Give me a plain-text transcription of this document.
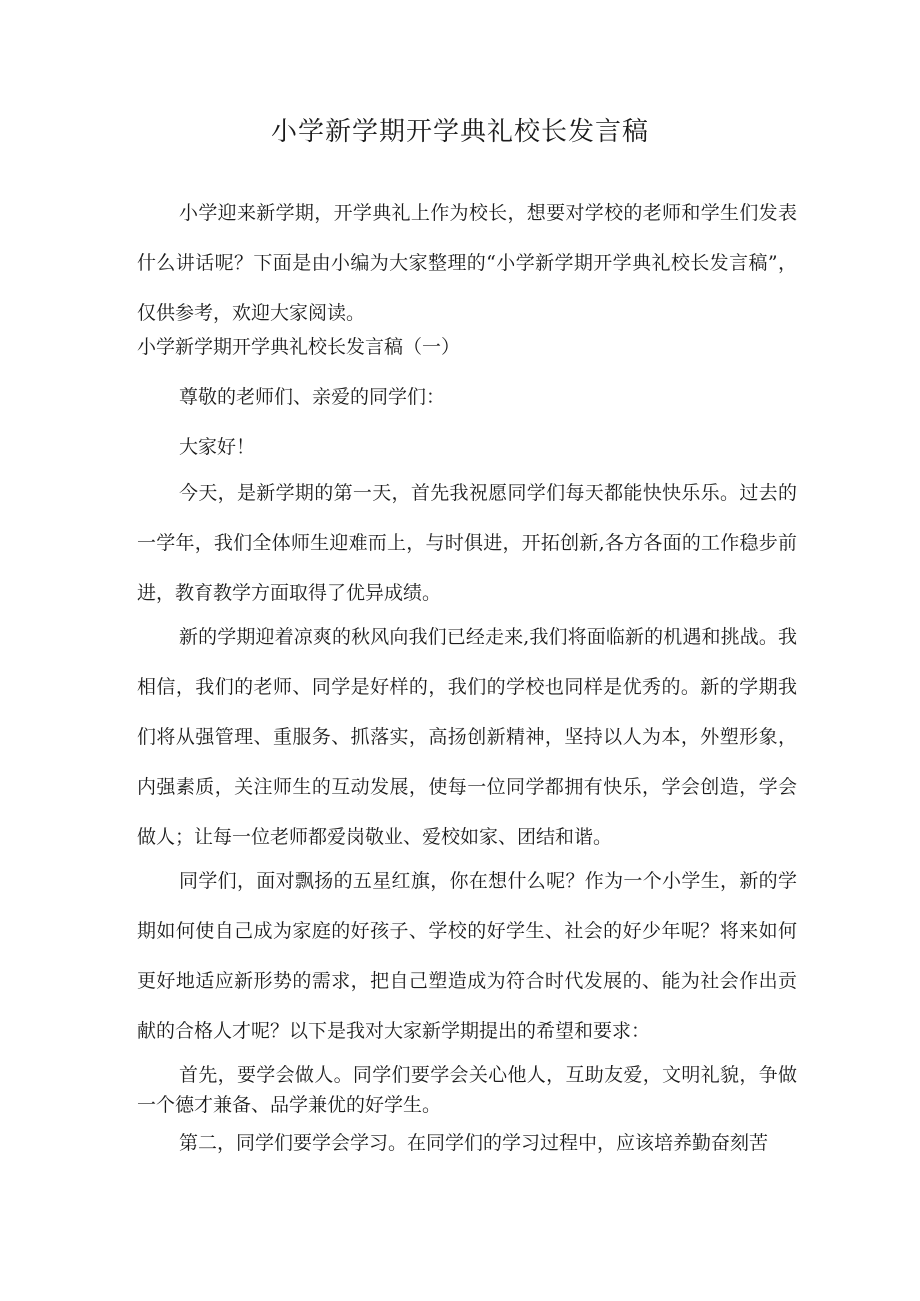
小学新学期开学典礼校长发言稿

小学迎来新学期，开学典礼上作为校长，想要对学校的老师和学生们发表什么讲话呢？下面是由小编为大家整理的“小学新学期开学典礼校长发言稿”，仅供参考，欢迎大家阅读。

小学新学期开学典礼校长发言稿（一）

尊敬的老师们、亲爱的同学们：

大家好！

今天，是新学期的第一天，首先我祝愿同学们每天都能快快乐乐。过去的一学年，我们全体师生迎难而上，与时俱进，开拓创新,各方各面的工作稳步前进，教育教学方面取得了优异成绩。

新的学期迎着凉爽的秋风向我们已经走来,我们将面临新的机遇和挑战。我相信，我们的老师、同学是好样的，我们的学校也同样是优秀的。新的学期我们将从强管理、重服务、抓落实，高扬创新精神，坚持以人为本，外塑形象，内强素质，关注师生的互动发展，使每一位同学都拥有快乐，学会创造，学会做人；让每一位老师都爱岗敬业、爱校如家、团结和谐。

同学们，面对飘扬的五星红旗，你在想什么呢？作为一个小学生，新的学期如何使自己成为家庭的好孩子、学校的好学生、社会的好少年呢？将来如何更好地适应新形势的需求，把自己塑造成为符合时代发展的、能为社会作出贡献的合格人才呢？以下是我对大家新学期提出的希望和要求：

首先，要学会做人。同学们要学会关心他人，互助友爱，文明礼貌，争做一个德才兼备、品学兼优的好学生。

第二，同学们要学会学习。在同学们的学习过程中，应该培养勤奋刻苦
